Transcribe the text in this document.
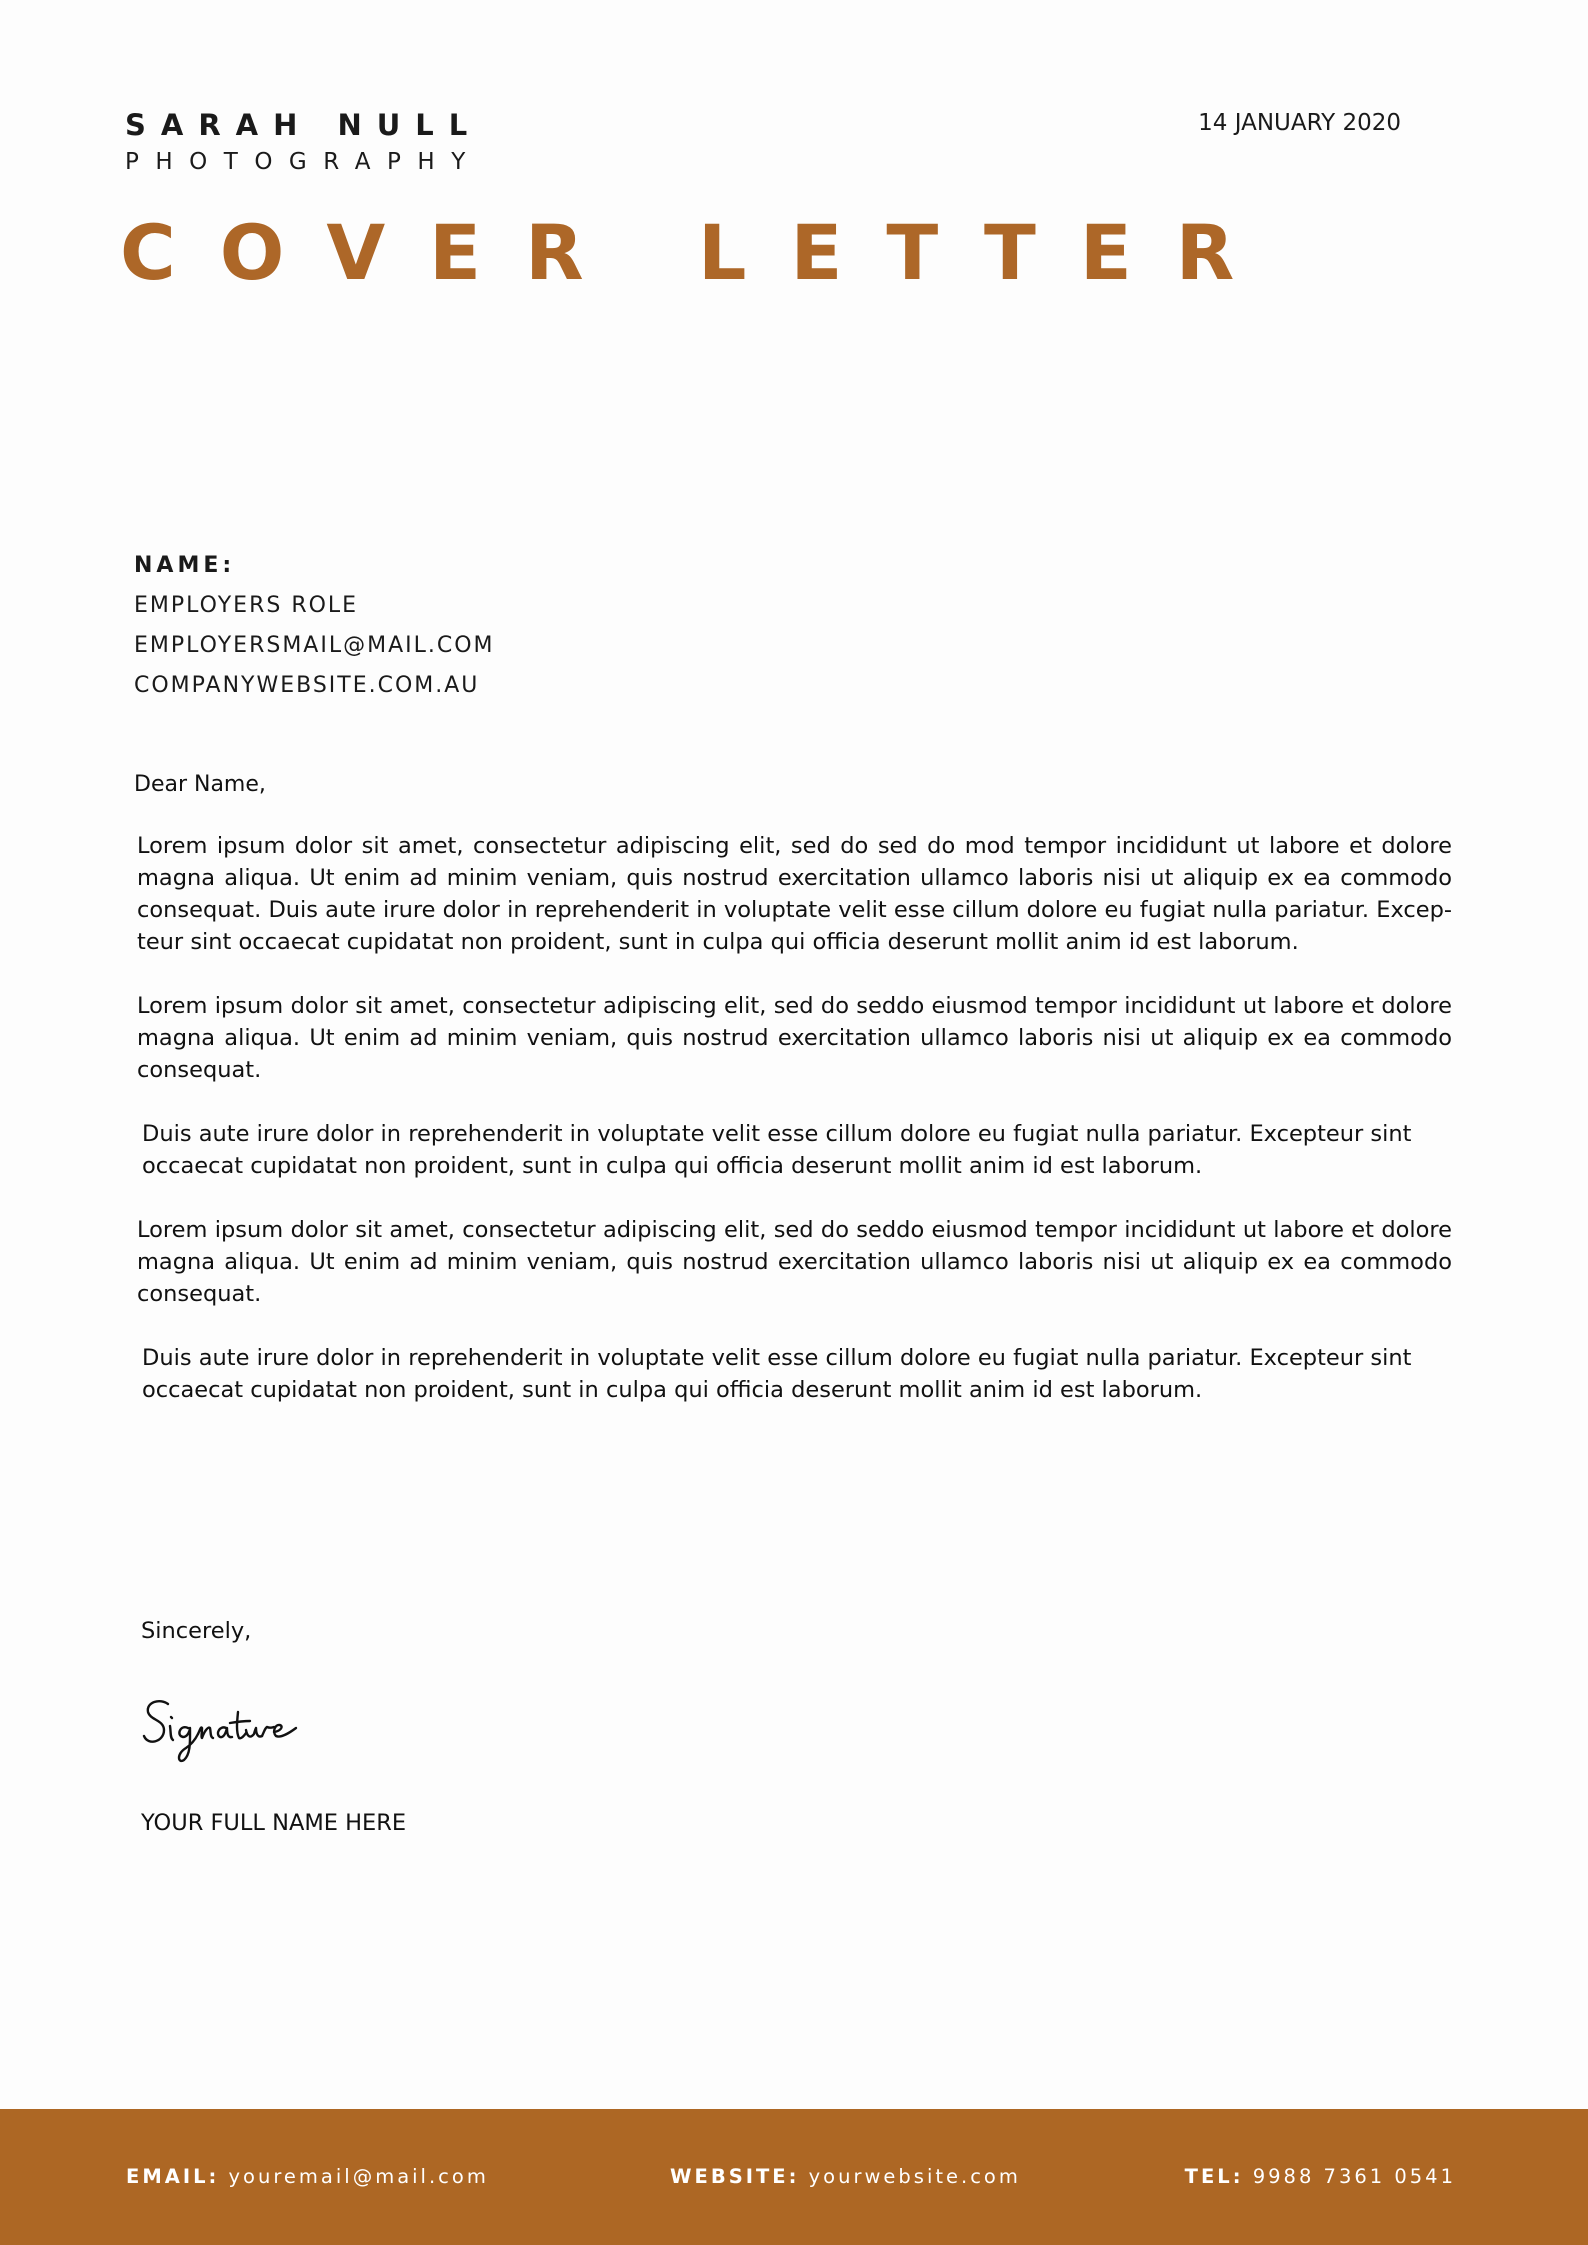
SARAH NULL
PHOTOGRAPHY
14 JANUARY 2020
COVER LETTER
NAME:
EMPLOYERS ROLE
EMPLOYERSMAIL@MAIL.COM
COMPANYWEBSITE.COM.AU
Dear Name,

Lorem ipsum dolor sit amet, consectetur adipiscing elit, sed do sed do mod tempor incididunt ut labore et dolore magna aliqua. Ut enim ad minim veniam, quis nostrud exercitation ullamco laboris nisi ut aliquip ex ea commodo consequat. Duis aute irure dolor in reprehenderit in voluptate velit esse cillum dolore eu fugiat nulla pariatur. Excep-teur sint occaecat cupidatat non proident, sunt in culpa qui officia deserunt mollit anim id est laborum.

Lorem ipsum dolor sit amet, consectetur adipiscing elit, sed do seddo eiusmod tempor incididunt ut labore et dolore magna aliqua. Ut enim ad minim veniam, quis nostrud exercitation ullamco laboris nisi ut aliquip ex ea commodo consequat.

Duis aute irure dolor in reprehenderit in voluptate velit esse cillum dolore eu fugiat nulla pariatur. Excepteur sint occaecat cupidatat non proident, sunt in culpa qui officia deserunt mollit anim id est laborum.

Lorem ipsum dolor sit amet, consectetur adipiscing elit, sed do seddo eiusmod tempor incididunt ut labore et dolore magna aliqua. Ut enim ad minim veniam, quis nostrud exercitation ullamco laboris nisi ut aliquip ex ea commodo consequat.

Duis aute irure dolor in reprehenderit in voluptate velit esse cillum dolore eu fugiat nulla pariatur. Excepteur sint occaecat cupidatat non proident, sunt in culpa qui officia deserunt mollit anim id est laborum.

Sincerely,
YOUR FULL NAME HERE
EMAIL: youremail@mail.com	WEBSITE: yourwebsite.com	TEL: 9988 7361 0541
